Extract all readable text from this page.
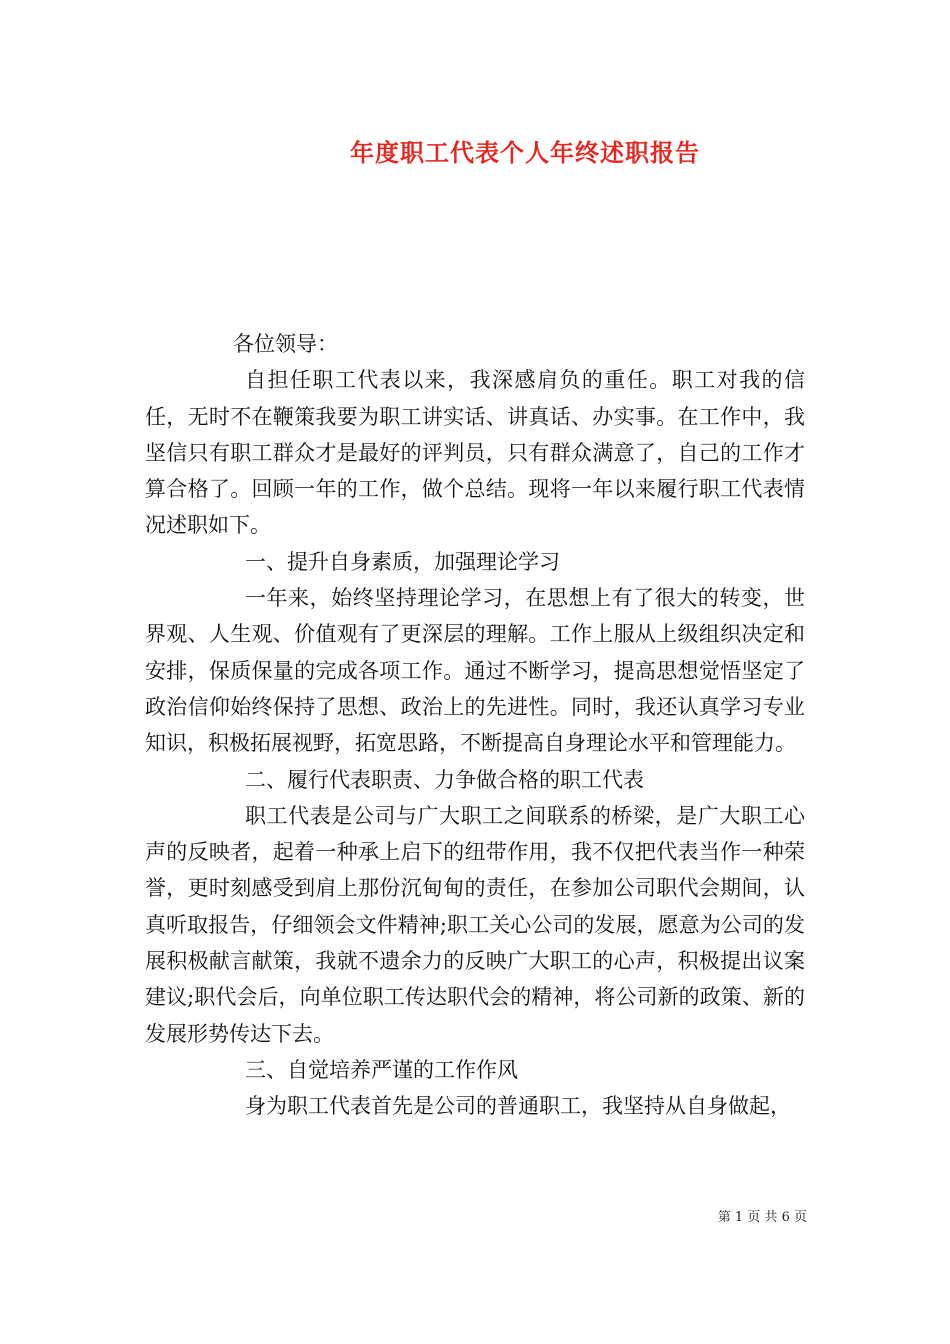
年度职工代表个人年终述职报告

各位领导：

自担任职工代表以来，我深感肩负的重任。职工对我的信任，无时不在鞭策我要为职工讲实话、讲真话、办实事。在工作中，我坚信只有职工群众才是最好的评判员，只有群众满意了，自己的工作才算合格了。回顾一年的工作，做个总结。现将一年以来履行职工代表情况述职如下。

一、提升自身素质，加强理论学习

一年来，始终坚持理论学习，在思想上有了很大的转变，世界观、人生观、价值观有了更深层的理解。工作上服从上级组织决定和安排，保质保量的完成各项工作。通过不断学习，提高思想觉悟坚定了政治信仰始终保持了思想、政治上的先进性。同时，我还认真学习专业知识，积极拓展视野，拓宽思路，不断提高自身理论水平和管理能力。

二、履行代表职责、力争做合格的职工代表

职工代表是公司与广大职工之间联系的桥梁，是广大职工心声的反映者，起着一种承上启下的纽带作用，我不仅把代表当作一种荣誉，更时刻感受到肩上那份沉甸甸的责任，在参加公司职代会期间，认真听取报告，仔细领会文件精神;职工关心公司的发展，愿意为公司的发展积极献言献策，我就不遗余力的反映广大职工的心声，积极提出议案建议;职代会后，向单位职工传达职代会的精神，将公司新的政策、新的发展形势传达下去。

三、自觉培养严谨的工作作风

身为职工代表首先是公司的普通职工，我坚持从自身做起，

第 1 页 共 6 页
